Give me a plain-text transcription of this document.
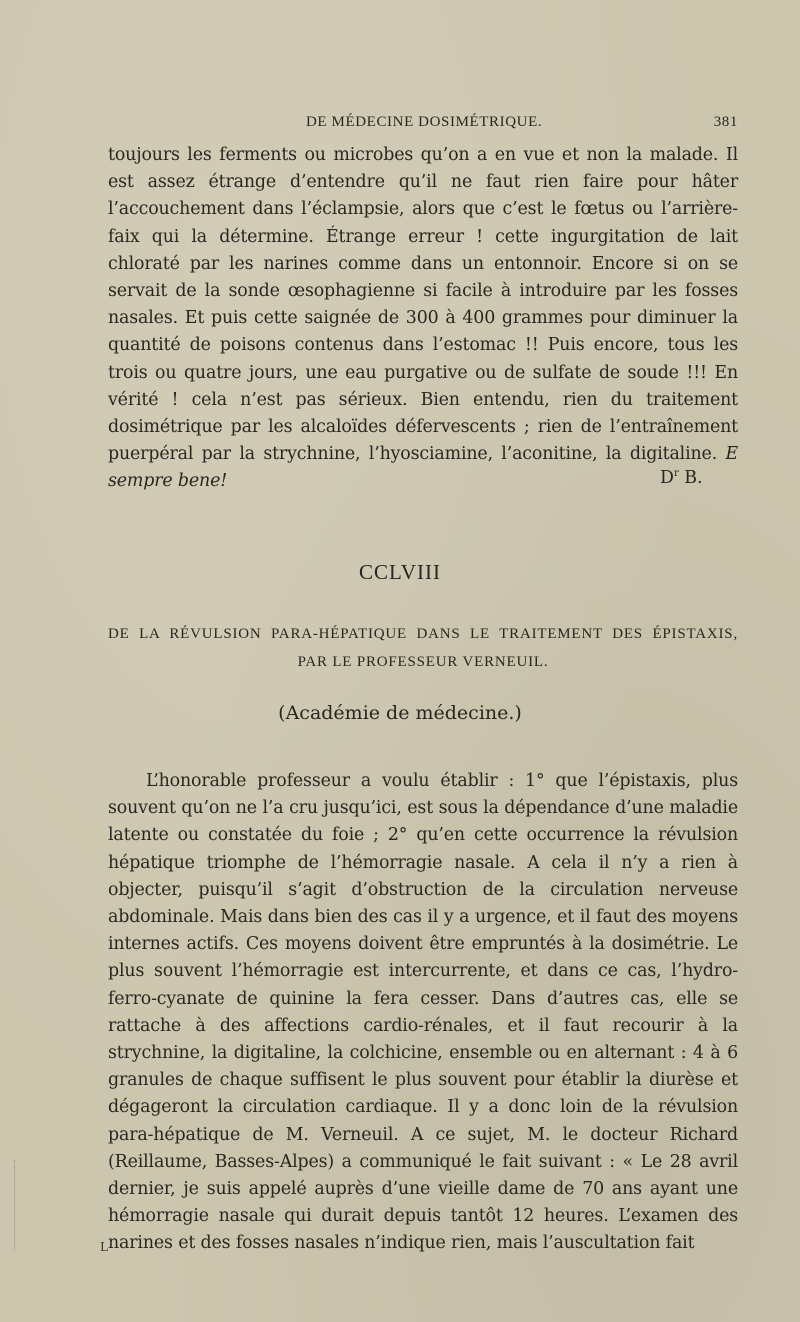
DE MÉDECINE DOSIMÉTRIQUE.	381

toujours les ferments ou microbes qu’on a en vue et non la malade. Il est assez étrange d’entendre qu’il ne faut rien faire pour hâter l’accouchement dans l’éclampsie, alors que c’est le fœtus ou l’arrière-faix qui la détermine. Étrange erreur ! cette ingurgitation de lait chloraté par les narines comme dans un entonnoir. Encore si on se servait de la sonde œsophagienne si facile à introduire par les fosses nasales. Et puis cette saignée de 300 à 400 grammes pour diminuer la quantité de poisons contenus dans l’estomac !! Puis encore, tous les trois ou quatre jours, une eau purgative ou de sulfate de soude !!! En vérité ! cela n’est pas sérieux. Bien entendu, rien du traitement dosimétrique par les alcaloïdes défervescents ; rien de l’entraînement puerpéral par la strychnine, l’hyosciamine, l’aconitine, la digitaline. E sempre bene!	$D^r$ B.
CCLVIII
DE LA RÉVULSION PARA-HÉPATIQUE DANS LE TRAITEMENT DES ÉPISTAXIS,
PAR LE PROFESSEUR VERNEUIL.
(Académie de médecine.)

L’honorable professeur a voulu établir : 1° que l’épistaxis, plus souvent qu’on ne l’a cru jusqu’ici, est sous la dépendance d’une maladie latente ou constatée du foie ; 2° qu’en cette occurrence la révulsion hépatique triomphe de l’hémorragie nasale. A cela il n’y a rien à objecter, puisqu’il s’agit d’obstruction de la circulation nerveuse abdominale. Mais dans bien des cas il y a urgence, et il faut des moyens internes actifs. Ces moyens doivent être empruntés à la dosimétrie. Le plus souvent l’hémorragie est intercurrente, et dans ce cas, l’hydro-ferro-cyanate de quinine la fera cesser. Dans d’autres cas, elle se rattache à des affections cardio-rénales, et il faut recourir à la strychnine, la digitaline, la colchicine, ensemble ou en alternant : 4 à 6 granules de chaque suffisent le plus souvent pour établir la diurèse et dégageront la circulation cardiaque. Il y a donc loin de la révulsion para-hépatique de M. Verneuil. A ce sujet, M. le docteur Richard (Reillaume, Basses-Alpes) a communiqué le fait suivant : « Le 28 avril dernier, je suis appelé auprès d’une vieille dame de 70 ans ayant une hémorragie nasale qui durait depuis tantôt 12 heures. L’examen des narines et des fosses nasales n’indique rien, mais l’auscultation fait

L
